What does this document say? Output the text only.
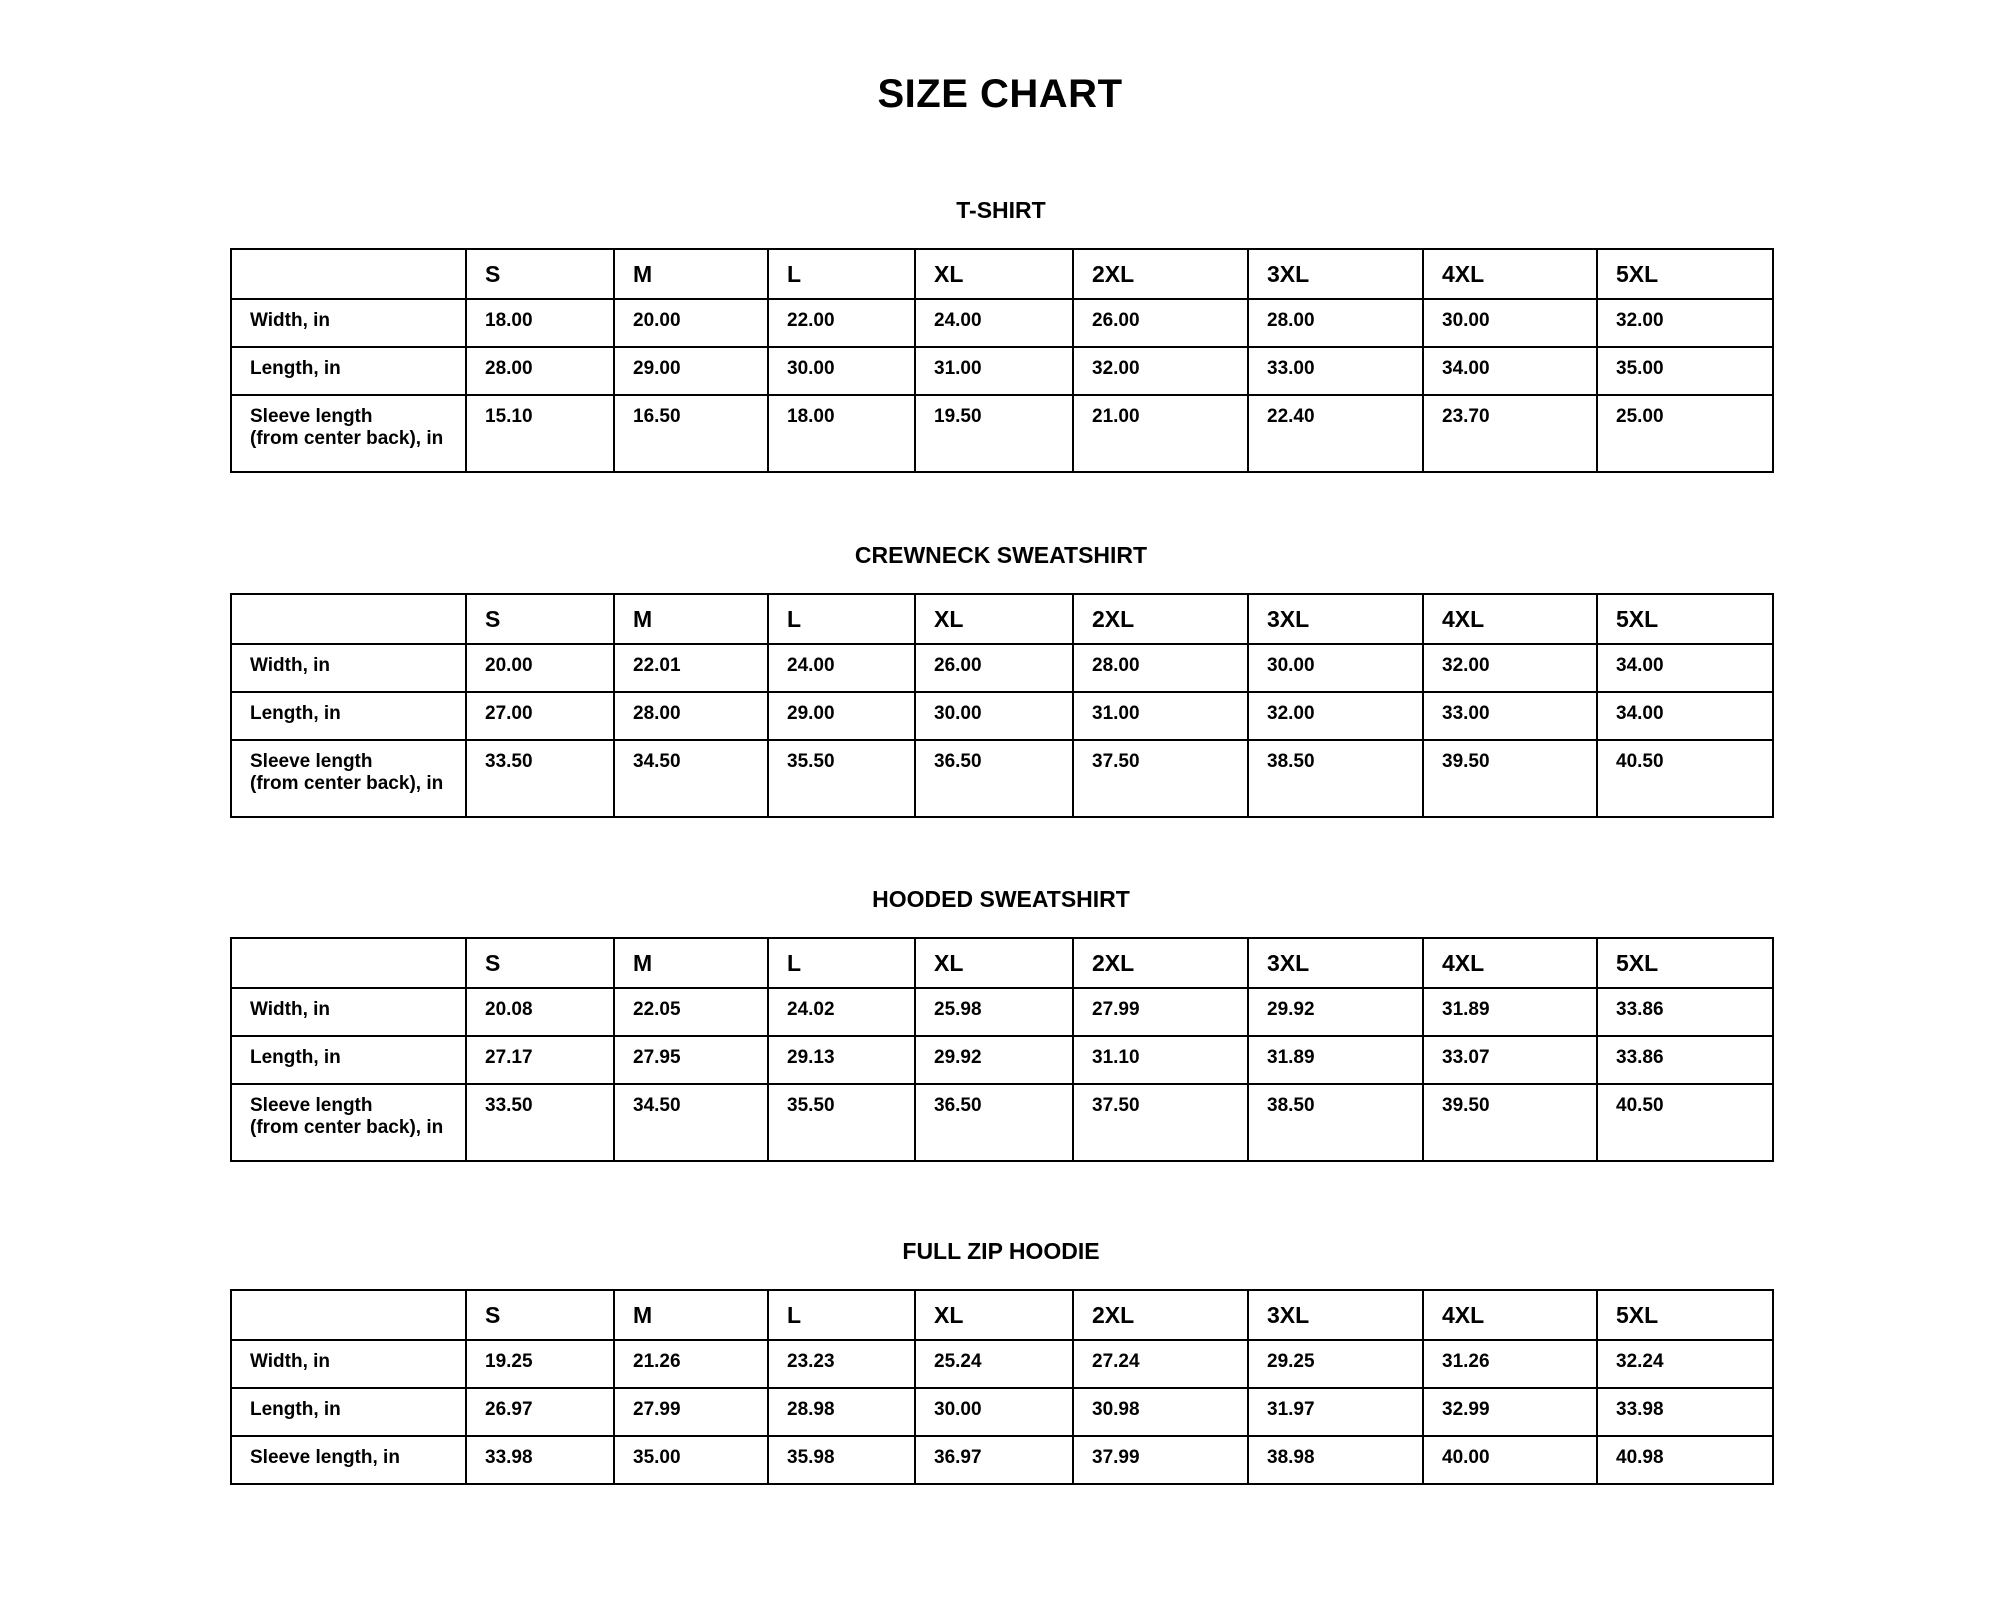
SIZE CHART
T-SHIRT
	S	M	L	XL	2XL	3XL	4XL	5XL

Width, in	18.00	20.00	22.00	24.00	26.00	28.00	30.00	32.00

Length, in	28.00	29.00	30.00	31.00	32.00	33.00	34.00	35.00

Sleeve length
(from center back), in	15.10	16.50	18.00	19.50	21.00	22.40	23.70	25.00
CREWNECK SWEATSHIRT
	S	M	L	XL	2XL	3XL	4XL	5XL

Width, in	20.00	22.01	24.00	26.00	28.00	30.00	32.00	34.00

Length, in	27.00	28.00	29.00	30.00	31.00	32.00	33.00	34.00

Sleeve length
(from center back), in	33.50	34.50	35.50	36.50	37.50	38.50	39.50	40.50
HOODED SWEATSHIRT
	S	M	L	XL	2XL	3XL	4XL	5XL

Width, in	20.08	22.05	24.02	25.98	27.99	29.92	31.89	33.86

Length, in	27.17	27.95	29.13	29.92	31.10	31.89	33.07	33.86

Sleeve length
(from center back), in	33.50	34.50	35.50	36.50	37.50	38.50	39.50	40.50
FULL ZIP HOODIE
	S	M	L	XL	2XL	3XL	4XL	5XL

Width, in	19.25	21.26	23.23	25.24	27.24	29.25	31.26	32.24

Length, in	26.97	27.99	28.98	30.00	30.98	31.97	32.99	33.98

Sleeve length, in	33.98	35.00	35.98	36.97	37.99	38.98	40.00	40.98
